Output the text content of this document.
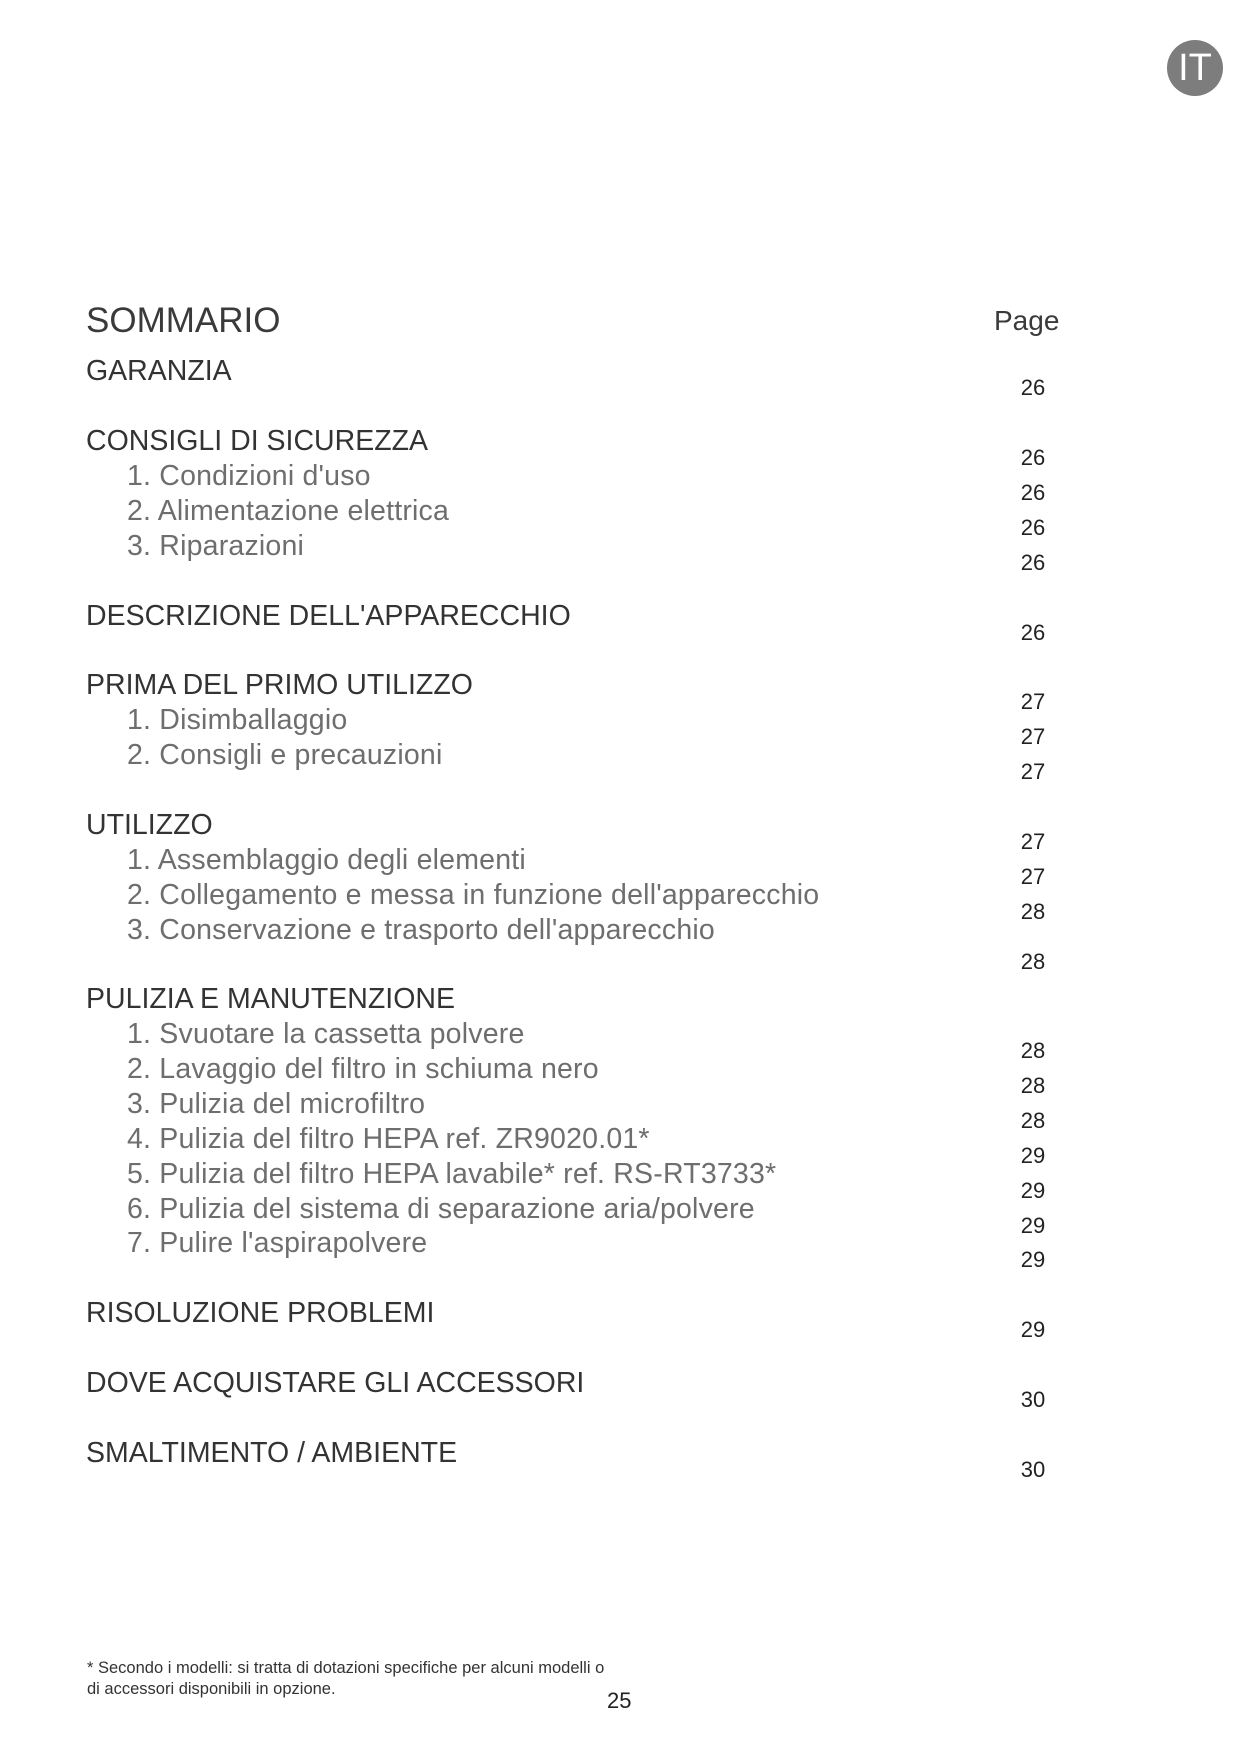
IT
SOMMARIO	Page
GARANZIA
26
CONSIGLI DI SICUREZZA
26
1. Condizioni d'uso
26
2. Alimentazione elettrica
26
3. Riparazioni
26
DESCRIZIONE DELL'APPARECCHIO
26
PRIMA DEL PRIMO UTILIZZO
27
1. Disimballaggio
27
2. Consigli e precauzioni
27
UTILIZZO
27
1. Assemblaggio degli elementi
27
2. Collegamento e messa in funzione dell'apparecchio
28
3. Conservazione e trasporto dell'apparecchio
28
PULIZIA E MANUTENZIONE
1. Svuotare la cassetta polvere
28
2. Lavaggio del filtro in schiuma nero
28
3. Pulizia del microfiltro
28
4. Pulizia del filtro HEPA ref. ZR9020.01*
29
5. Pulizia del filtro HEPA lavabile* ref. RS-RT3733*
29
6. Pulizia del sistema di separazione aria/polvere
29
7. Pulire l'aspirapolvere
29
RISOLUZIONE PROBLEMI
29
DOVE ACQUISTARE GLI ACCESSORI
30
SMALTIMENTO / AMBIENTE
30
* Secondo i modelli: si tratta di dotazioni specifiche per alcuni modelli o di accessori disponibili in opzione.	25
